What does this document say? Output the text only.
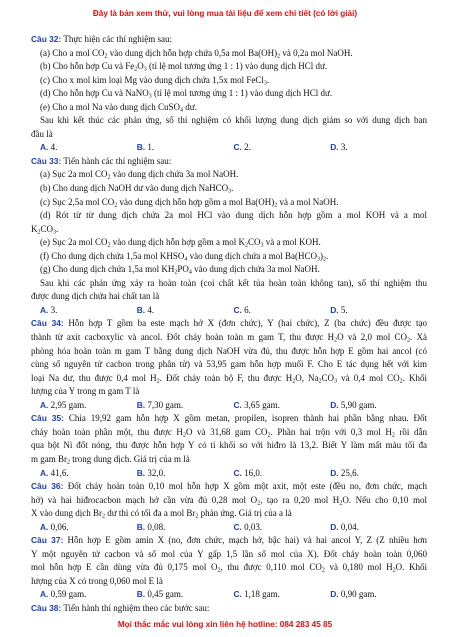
Đây là bản xem thử, vui lòng mua tài liệu để xem chi tiết (có lời giải)
Câu 32: Thực hiện các thí nghiệm sau:
(a) Cho a mol $CO_2$ vào dung dịch hỗn hợp chứa 0,5a mol $Ba(OH)_2$ và 0,2a mol NaOH.
(b) Cho hỗn hợp Cu và $Fe_2O_3$ (tỉ lệ mol tương ứng 1 : 1) vào dung dịch HCl dư.
(c) Cho x mol kim loại Mg vào dung dịch chứa 1,5x mol FeCl$_3$.
(d) Cho hỗn hợp Cu và NaNO$_3$ (tỉ lệ mol tương ứng 1 : 1) vào dung dịch HCl dư.
(e) Cho a mol Na vào dung dịch CuSO$_4$ dư.
Sau khi kết thúc các phản ứng, số thí nghiệm có khối lượng dung dịch giảm so với dung dịch ban
đầu là
A. 4.	B. 1.	C. 2.	D. 3.
Câu 33: Tiến hành các thí nghiệm sau:
(a) Sục 2a mol $CO_2$ vào dung dịch chứa 3a mol NaOH.
(b) Cho dung dịch NaOH dư vào dung dịch NaHCO$_3$.
(c) Sục 2,5a mol $CO_2$ vào dung dịch hỗn hợp gồm a mol $Ba(OH)_2$ và a mol NaOH.
(d) Rót từ từ dung dịch chứa 2a mol HCl vào dung dịch hỗn hợp gồm a mol KOH và a mol
$K_2CO_3$.
(e) Sục 2a mol $CO_2$ vào dung dịch hỗn hợp gồm a mol $K_2CO_3$ và a mol KOH.
(f) Cho dung dịch chứa 1,5a mol $KHSO_4$ vào dung dịch chứa a mol $Ba(HCO_3)_2$.
(g) Cho dung dịch chứa 1,5a mol $KH_2PO_4$ vào dung dịch chứa 3a mol NaOH.
Sau khi các phản ứng xảy ra hoàn toàn (coi chất kết tủa hoàn toàn không tan), số thí nghiệm thu
được dung dịch chứa hai chất tan là
A. 3.	B. 4.	C. 6.	D. 5.
Câu 34: Hỗn hợp T gồm ba este mạch hở X (đơn chức), Y (hai chức), Z (ba chức) đều được tạo
thành từ axit cacboxylic và ancol. Đốt cháy hoàn toàn m gam T, thu được $H_2O$ và 2,0 mol $CO_2$. Xà
phòng hóa hoàn toàn m gam T bằng dung dịch NaOH vừa đủ, thu được hỗn hợp E gồm hai ancol (có
cùng số nguyên tử cacbon trong phân tử) và 53,95 gam hỗn hợp muối F. Cho E tác dụng hết với kim
loại Na dư, thu được 0,4 mol $H_2$. Đốt cháy toàn bộ F, thu được $H_2O$, $Na_2CO_3$ và 0,4 mol $CO_2$. Khối
lượng của Y trong m gam T là
A. 2,95 gam.	B. 7,30 gam.	C. 3,65 gam.	D. 5,90 gam.
Câu 35: Chia 19,92 gam hỗn hợp X gồm metan, propilen, isopren thành hai phần bằng nhau. Đốt
cháy hoàn toàn phần một, thu được $H_2O$ và 31,68 gam $CO_2$. Phần hai trộn với 0,3 mol $H_2$ rồi dẫn
qua bột Ni đốt nóng, thu được hỗn hợp Y có tỉ khối so với hiđro là 13,2. Biết Y làm mất màu tối đa
m gam $Br_2$ trong dung dịch. Giá trị của m là
A. 41,6.	B. 32,0.	C. 16,0.	D. 25,6.
Câu 36: Đốt cháy hoàn toàn 0,10 mol hỗn hợp X gồm một axit, một este (đều no, đơn chức, mạch
hở) và hai hiđrocacbon mạch hở cần vừa đủ 0,28 mol $O_2$, tạo ra 0,20 mol $H_2O$. Nếu cho 0,10 mol
X vào dung dịch $Br_2$ dư thì có tối đa a mol $Br_2$ phản ứng. Giá trị của a là
A. 0,06.	B. 0,08.	C. 0,03.	D. 0,04.
Câu 37: Hỗn hợp E gồm amin X (no, đơn chức, mạch hở, bậc hai) và hai ancol Y, Z (Z nhiều hơn
Y một nguyên tử cacbon và số mol của Y gấp 1,5 lần số mol của X). Đốt cháy hoàn toàn 0,060
mol hỗn hợp E cần dùng vừa đủ 0,175 mol $O_2$, thu được 0,110 mol $CO_2$ và 0,180 mol $H_2O$. Khối
lượng của X có trong 0,060 mol E là
A. 0,59 gam.	B. 0,45 gam.	C. 1,18 gam.	D. 0,90 gam.
Câu 38: Tiến hành thí nghiệm theo các bước sau:
Mọi thắc mắc vui lòng xin liên hệ hotline: 084 283 45 85
